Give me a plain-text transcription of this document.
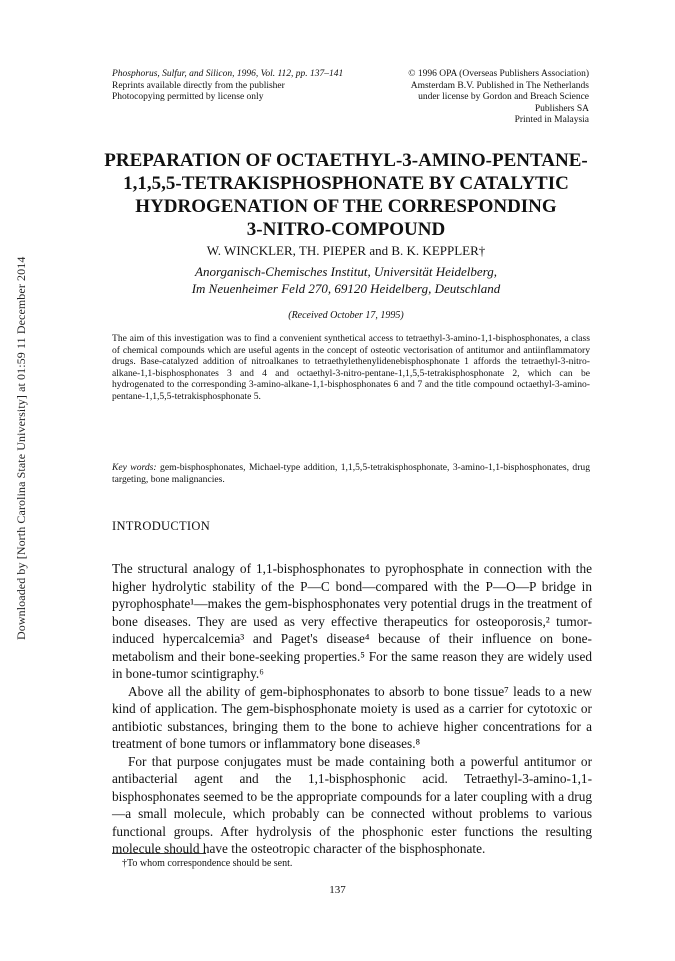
Downloaded by [North Carolina State University] at 01:59 11 December 2014
Phosphorus, Sulfur, and Silicon, 1996, Vol. 112, pp. 137–141
Reprints available directly from the publisher
Photocopying permitted by license only
© 1996 OPA (Overseas Publishers Association)
Amsterdam B.V. Published in The Netherlands
under license by Gordon and Breach Science
Publishers SA
Printed in Malaysia
PREPARATION OF OCTAETHYL-3-AMINO-PENTANE-
1,1,5,5-TETRAKISPHOSPHONATE BY CATALYTIC
HYDROGENATION OF THE CORRESPONDING
3-NITRO-COMPOUND
W. WINCKLER, TH. PIEPER and B. K. KEPPLER†
Anorganisch-Chemisches Institut, Universität Heidelberg,
Im Neuenheimer Feld 270, 69120 Heidelberg, Deutschland
(Received October 17, 1995)
The aim of this investigation was to find a convenient synthetical access to tetraethyl-3-amino-1,1-bisphosphonates, a class of chemical compounds which are useful agents in the concept of osteotic vectorisation of antitumor and antiinflammatory drugs. Base-catalyzed addition of nitroalkanes to tetraethylethenylidenebisphosphonate 1 affords the tetraethyl-3-nitro-alkane-1,1-bisphosphonates 3 and 4 and octaethyl-3-nitro-pentane-1,1,5,5-tetrakisphosphonate 2, which can be hydrogenated to the corresponding 3-amino-alkane-1,1-bisphosphonates 6 and 7 and the title compound octaethyl-3-amino-pentane-1,1,5,5-tetrakisphosphonate 5.
Key words: gem-bisphosphonates, Michael-type addition, 1,1,5,5-tetrakisphosphonate, 3-amino-1,1-bisphosphonates, drug targeting, bone malignancies.
INTRODUCTION

The structural analogy of 1,1-bisphosphonates to pyrophosphate in connection with the higher hydrolytic stability of the P—C bond—compared with the P—O—P bridge in pyrophosphate¹—makes the gem-bisphosphonates very potential drugs in the treatment of bone diseases. They are used as very effective therapeutics for osteoporosis,² tumor-induced hypercalcemia³ and Paget's disease⁴ because of their influence on bone-metabolism and their bone-seeking properties.⁵ For the same reason they are widely used in bone-tumor scintigraphy.⁶

Above all the ability of gem-biphosphonates to absorb to bone tissue⁷ leads to a new kind of application. The gem-bisphosphonate moiety is used as a carrier for cytotoxic or antibiotic substances, bringing them to the bone to achieve higher concentrations for a treatment of bone tumors or inflammatory bone diseases.⁸

For that purpose conjugates must be made containing both a powerful antitumor or antibacterial agent and the 1,1-bisphosphonic acid. Tetraethyl-3-amino-1,1-bisphosphonates seemed to be the appropriate compounds for a later coupling with a drug—a small molecule, which probably can be connected without problems to various functional groups. After hydrolysis of the phosphonic ester functions the resulting molecule should have the osteotropic character of the bisphosphonate.

†To whom correspondence should be sent.
137
